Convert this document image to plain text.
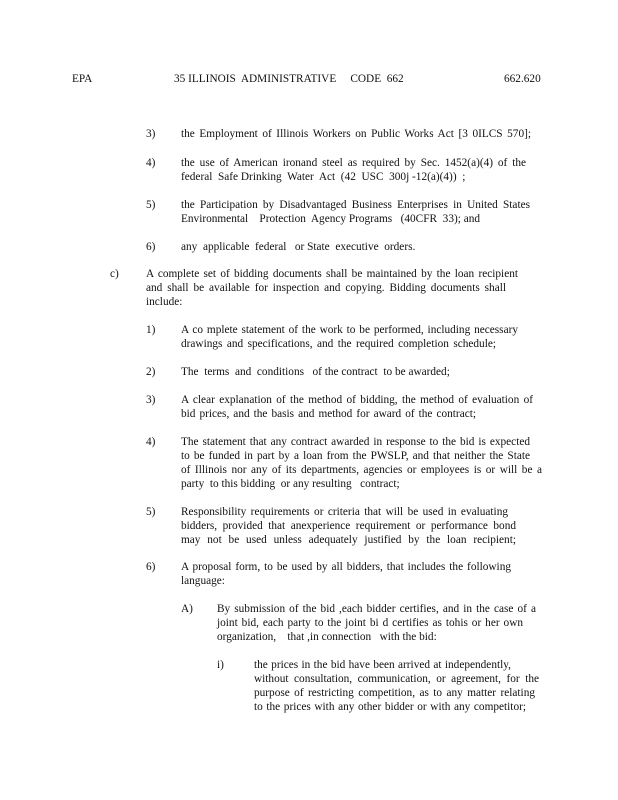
EPA	35 ILLINOIS  ADMINISTRATIVE     CODE  662	662.620
3) the Employment of Illinois Workers on Public Works Act [3 0ILCS 570];
4) the use of American ironand steel as required by Sec. 1452(a)(4) of the
federal  Safe Drinking  Water  Act  (42  USC  300j -12(a)(4))  ;
5) the Participation by Disadvantaged Business Enterprises in United States
Environmental    Protection  Agency Programs   (40CFR  33); and
6) any  applicable  federal   or State  executive  orders.
c) A complete set of bidding documents shall be maintained by the loan recipient
and shall be available for inspection and copying. Bidding documents shall
include:
1) A co mplete statement of the work to be performed, including necessary
drawings and specifications, and the required completion schedule;
2) The  terms  and  conditions   of the contract  to be awarded;
3) A clear explanation of the method of bidding, the method of evaluation of
bid prices, and the basis and method for award of the contract;
4) The statement that any contract awarded in response to the bid is expected
to be funded in part by a loan from the PWSLP, and that neither the State
of Illinois nor any of its departments, agencies or employees is or will be a
party  to this bidding  or any resulting   contract;
5) Responsibility requirements or criteria that will be used in evaluating
bidders, provided that anexperience requirement or performance bond
may not be used unless adequately justified by the loan recipient;
6) A proposal form, to be used by all bidders, that includes the following
language:
A) By submission of the bid ,each bidder certifies, and in the case of a
joint bid, each party to the joint bi d certifies as tohis or her own
organization,    that ,in connection   with the bid:
i)	the prices in the bid have been arrived at independently,
without consultation, communication, or agreement, for the
purpose of restricting competition, as to any matter relating
to the prices with any other bidder or with any competitor;
